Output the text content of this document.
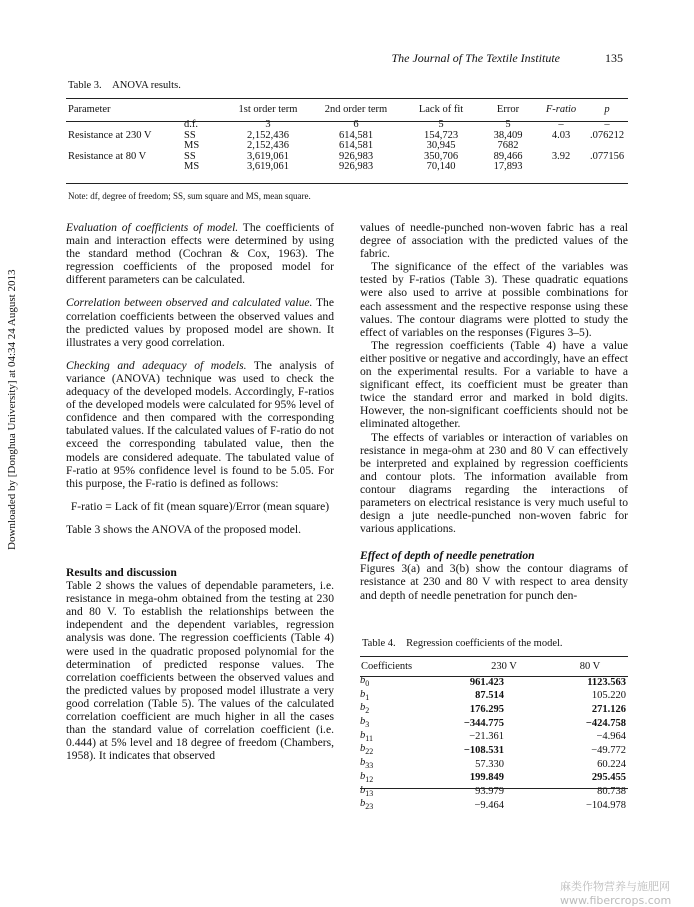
The Journal of The Textile Institute	135
Downloaded by [Donghua University] at 04:34 24 August 2013
Table 3. ANOVA results.
Parameter			1st order term	2nd order term	Lack of fit	Error	F-ratio	p
	d.f.		3	6	5	5	–	–
Resistance at 230 V	SS		2,152,436	614,581	154,723	38,409	4.03	.076212
	MS		2,152,436	614,581	30,945	7682		
Resistance at 80 V	SS		3,619,061	926,983	350,706	89,466	3.92	.077156
	MS		3,619,061	926,983	70,140	17,893		
Note: df, degree of freedom; SS, sum square and MS, mean square.

Evaluation of coefficients of model. The coefficients of main and interaction effects were determined by using the standard method (Cochran & Cox, 1963). The regression coefficients of the proposed model for different parameters can be calculated.

Correlation between observed and calculated value. The correlation coefficients between the observed values and the predicted values by proposed model are shown. It illustrates a very good correlation.

Checking and adequacy of models. The analysis of variance (ANOVA) technique was used to check the adequacy of the developed models. Accordingly, F-ratios of the developed models were calculated for 95% level of confidence and then compared with the corresponding tabulated values. If the calculated values of F-ratio do not exceed the corresponding tabulated value, then the models are considered adequate. The tabulated value of F-ratio at 95% confidence level is found to be 5.05. For this purpose, the F-ratio is defined as follows:

F-ratio = Lack of fit (mean square)/Error (mean square)

Table 3 shows the ANOVA of the proposed model.

Results and discussion

Table 2 shows the values of dependable parameters, i.e. resistance in mega-ohm obtained from the testing at 230 and 80 V. To establish the relationships between the independent and the dependent variables, regression analysis was done. The regression coefficients (Table 4) were used in the quadratic proposed polynomial for the determination of predicted response values. The correlation coefficients between the observed values and the predicted values by proposed model illustrate a very good correlation (Table 5). The values of the calculated correlation coefficient are much higher in all the cases than the standard value of correlation coefficient (i.e. 0.444) at 5% level and 18 degree of freedom (Chambers, 1958). It indicates that observed

values of needle-punched non-woven fabric has a real degree of association with the predicted values of the fabric.

The significance of the effect of the variables was tested by F-ratios (Table 3). These quadratic equations were also used to arrive at possible combinations for each assessment and the respective response using these values. The contour diagrams were plotted to study the effect of variables on the responses (Figures 3–5).

The regression coefficients (Table 4) have a value either positive or negative and accordingly, have an effect on the experimental results. For a variable to have a significant effect, its coefficient must be greater than twice the standard error and marked in bold digits. However, the non-significant coefficients should not be eliminated altogether.

The effects of variables or interaction of variables on resistance in mega-ohm at 230 and 80 V can effectively be interpreted and explained by regression coefficients and contour plots. The information available from contour diagrams regarding the interactions of parameters on electrical resistance is very much useful to design a jute needle-punched non-woven fabric for various applications.

Effect of depth of needle penetration

Figures 3(a) and 3(b) show the contour diagrams of resistance at 230 and 80 V with respect to area density and depth of needle penetration for punch den-

Table 4. Regression coefficients of the model.
Coefficients	230 V	80 V
$b_0$	961.423	1123.563
$b_1$	87.514	105.220
$b_2$	176.295	271.126
$b_3$	−344.775	−424.758
$b_{11}$	−21.361	−4.964
$b_{22}$	−108.531	−49.772
$b_{33}$	57.330	60.224
$b_{12}$	199.849	295.455
$b_{13}$	93.979	80.738
$b_{23}$	−9.464	−104.978
麻类作物营养与施肥网 www.fibercrops.com
